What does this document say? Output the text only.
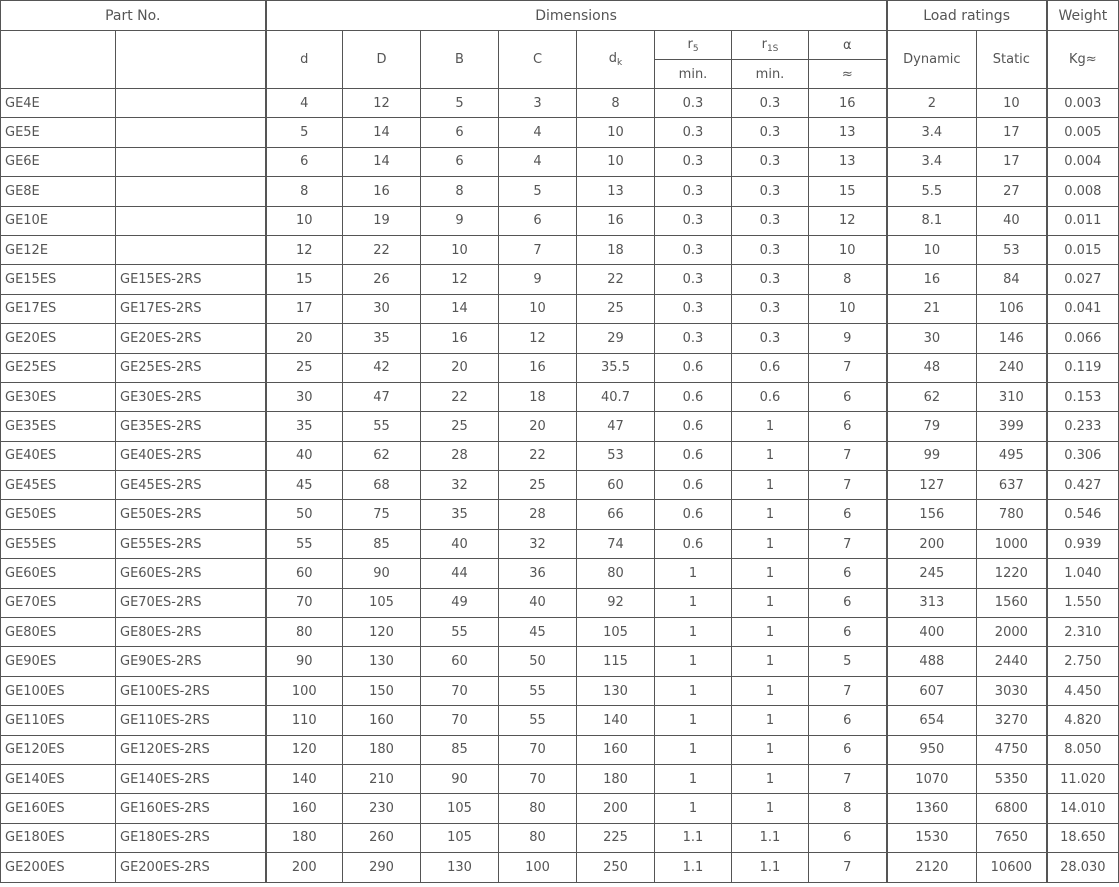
Part No.		Dimensions								Load ratings		Weight
		d	D	B	C	$d_k$	$r_5$	$r_{1S}$	α	Dynamic	Static	Kg≈
							min.	min.	≈			
GE4E		4	12	5	3	8	0.3	0.3	16	2	10	0.003
GE5E		5	14	6	4	10	0.3	0.3	13	3.4	17	0.005
GE6E		6	14	6	4	10	0.3	0.3	13	3.4	17	0.004
GE8E		8	16	8	5	13	0.3	0.3	15	5.5	27	0.008
GE10E		10	19	9	6	16	0.3	0.3	12	8.1	40	0.011
GE12E		12	22	10	7	18	0.3	0.3	10	10	53	0.015
GE15ES	GE15ES-2RS	15	26	12	9	22	0.3	0.3	8	16	84	0.027
GE17ES	GE17ES-2RS	17	30	14	10	25	0.3	0.3	10	21	106	0.041
GE20ES	GE20ES-2RS	20	35	16	12	29	0.3	0.3	9	30	146	0.066
GE25ES	GE25ES-2RS	25	42	20	16	35.5	0.6	0.6	7	48	240	0.119
GE30ES	GE30ES-2RS	30	47	22	18	40.7	0.6	0.6	6	62	310	0.153
GE35ES	GE35ES-2RS	35	55	25	20	47	0.6	1	6	79	399	0.233
GE40ES	GE40ES-2RS	40	62	28	22	53	0.6	1	7	99	495	0.306
GE45ES	GE45ES-2RS	45	68	32	25	60	0.6	1	7	127	637	0.427
GE50ES	GE50ES-2RS	50	75	35	28	66	0.6	1	6	156	780	0.546
GE55ES	GE55ES-2RS	55	85	40	32	74	0.6	1	7	200	1000	0.939
GE60ES	GE60ES-2RS	60	90	44	36	80	1	1	6	245	1220	1.040
GE70ES	GE70ES-2RS	70	105	49	40	92	1	1	6	313	1560	1.550
GE80ES	GE80ES-2RS	80	120	55	45	105	1	1	6	400	2000	2.310
GE90ES	GE90ES-2RS	90	130	60	50	115	1	1	5	488	2440	2.750
GE100ES	GE100ES-2RS	100	150	70	55	130	1	1	7	607	3030	4.450
GE110ES	GE110ES-2RS	110	160	70	55	140	1	1	6	654	3270	4.820
GE120ES	GE120ES-2RS	120	180	85	70	160	1	1	6	950	4750	8.050
GE140ES	GE140ES-2RS	140	210	90	70	180	1	1	7	1070	5350	11.020
GE160ES	GE160ES-2RS	160	230	105	80	200	1	1	8	1360	6800	14.010
GE180ES	GE180ES-2RS	180	260	105	80	225	1.1	1.1	6	1530	7650	18.650
GE200ES	GE200ES-2RS	200	290	130	100	250	1.1	1.1	7	2120	10600	28.030
